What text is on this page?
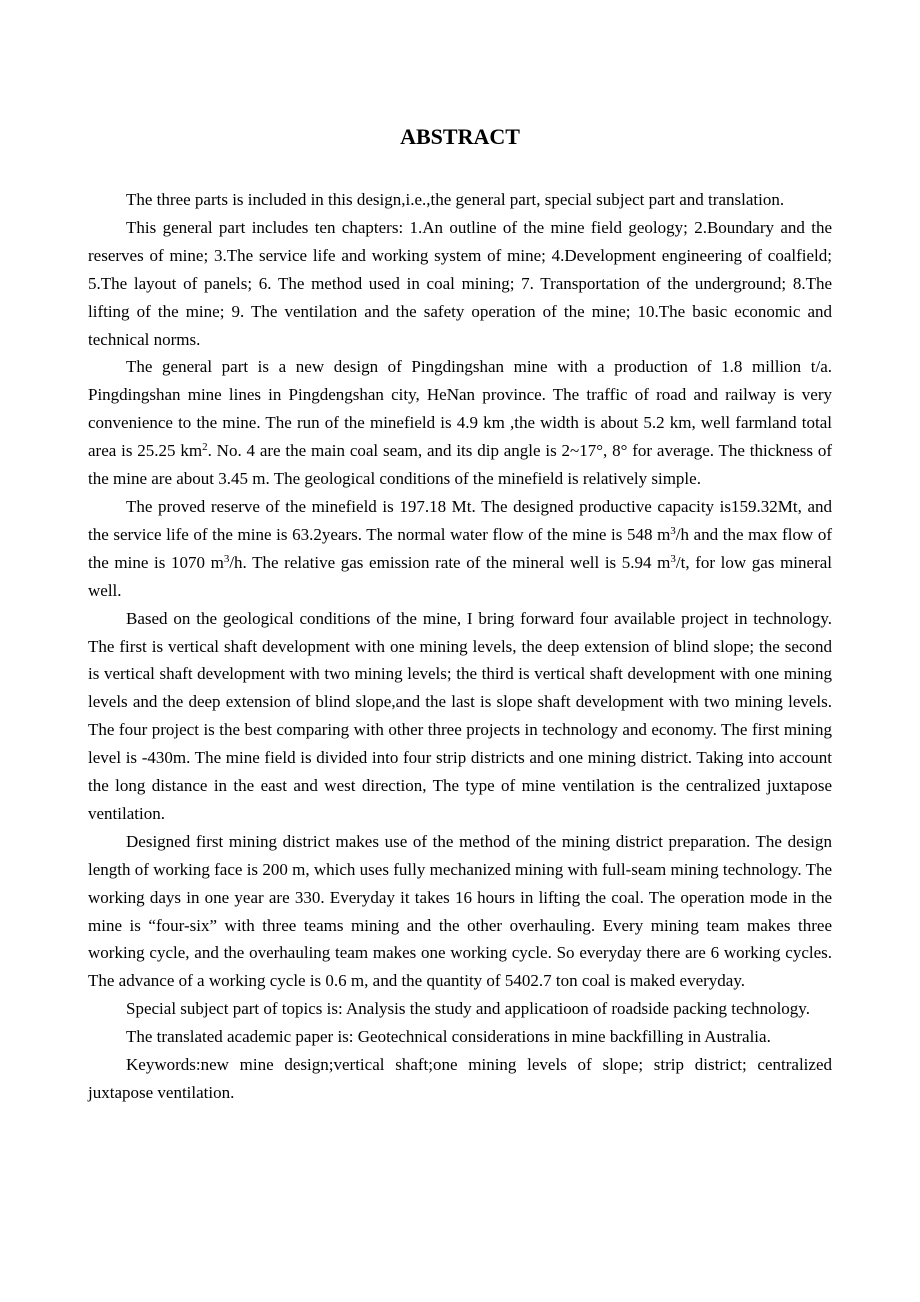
ABSTRACT

The three parts is included in this design,i.e.,the general part, special subject part and translation.

This general part includes ten chapters: 1.An outline of the mine field geology; 2.Boundary and the reserves of mine; 3.The service life and working system of mine; 4.Development engineering of coalfield; 5.The layout of panels; 6. The method used in coal mining; 7. Transportation of the underground; 8.The lifting of the mine; 9. The ventilation and the safety operation of the mine; 10.The basic economic and technical norms.

The general part is a new design of Pingdingshan mine with a production of 1.8 million t/a. Pingdingshan mine lines in Pingdengshan city, HeNan province. The traffic of road and railway is very convenience to the mine. The run of the minefield is 4.9 km ,the width is about 5.2 km, well farmland total area is 25.25 $km^2$. No. 4 are the main coal seam, and its dip angle is 2~17°, 8° for average. The thickness of the mine are about 3.45 m. The geological conditions of the minefield is relatively simple.

The proved reserve of the minefield is 197.18 Mt. The designed productive capacity is159.32Mt, and the service life of the mine is 63.2years. The normal water flow of the mine is 548 $m^3/h$ and the max flow of the mine is 1070 $m^3/h$. The relative gas emission rate of the mineral well is 5.94 $m^3/t$, for low gas mineral well.

Based on the geological conditions of the mine, I bring forward four available project in technology. The first is vertical shaft development with one mining levels, the deep extension of blind slope; the second is vertical shaft development with two mining levels; the third is vertical shaft development with one mining levels and the deep extension of blind slope,and the last is slope shaft development with two mining levels. The four project is the best comparing with other three projects in technology and economy. The first mining level is -430m. The mine field is divided into four strip districts and one mining district. Taking into account the long distance in the east and west direction, The type of mine ventilation is the centralized juxtapose ventilation.

Designed first mining district makes use of the method of the mining district preparation. The design length of working face is 200 m, which uses fully mechanized mining with full-seam mining technology. The working days in one year are 330. Everyday it takes 16 hours in lifting the coal. The operation mode in the mine is “four-six” with three teams mining and the other overhauling. Every mining team makes three working cycle, and the overhauling team makes one working cycle. So everyday there are 6 working cycles. The advance of a working cycle is 0.6 m, and the quantity of 5402.7 ton coal is maked everyday.

Special subject part of topics is: Analysis the study and applicatioon of roadside packing technology.

The translated academic paper is: Geotechnical considerations in mine backfilling in Australia.

Keywords:new mine design;vertical shaft;one mining levels of slope; strip district; centralized juxtapose ventilation.
